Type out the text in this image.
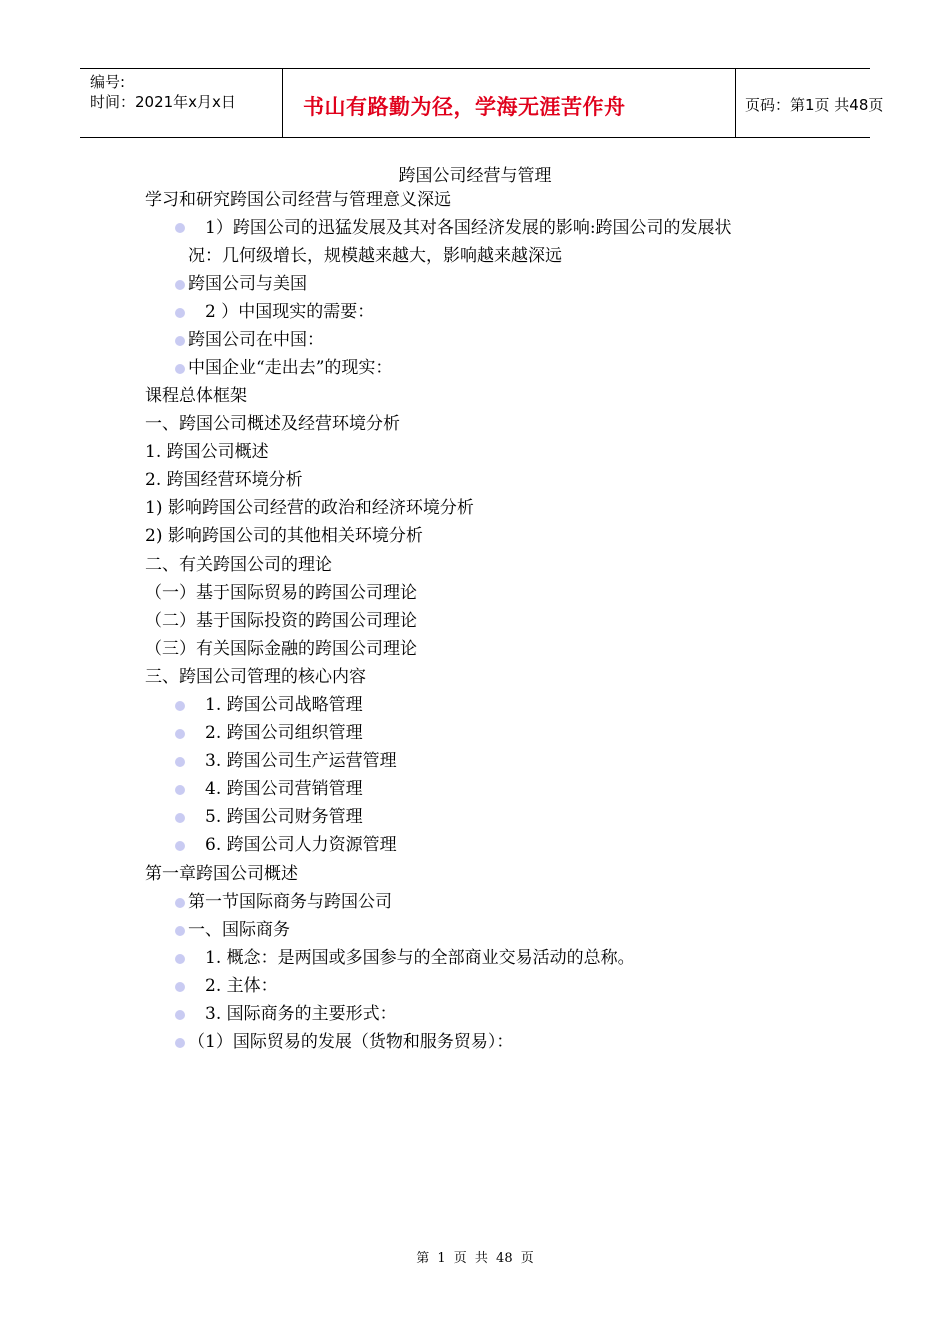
编号:
时间：2021年x月x日	书山有路勤为径，学海无涯苦作舟	页码：第1页 共48页
跨国公司经营与管理
学习和研究跨国公司经营与管理意义深远
1）跨国公司的迅猛发展及其对各国经济发展的影响:跨国公司的发展状
况：几何级增长，规模越来越大，影响越来越深远
跨国公司与美国
2 ）中国现实的需要：
跨国公司在中国：
中国企业“走出去”的现实：
课程总体框架
一、跨国公司概述及经营环境分析
1. 跨国公司概述
2. 跨国经营环境分析
1) 影响跨国公司经营的政治和经济环境分析
2) 影响跨国公司的其他相关环境分析
二、有关跨国公司的理论
（一）基于国际贸易的跨国公司理论
（二）基于国际投资的跨国公司理论
（三）有关国际金融的跨国公司理论
三、跨国公司管理的核心内容
1. 跨国公司战略管理
2. 跨国公司组织管理
3. 跨国公司生产运营管理
4. 跨国公司营销管理
5. 跨国公司财务管理
6. 跨国公司人力资源管理
第一章跨国公司概述
第一节国际商务与跨国公司
一、国际商务
1. 概念：是两国或多国参与的全部商业交易活动的总称。
2. 主体：
3. 国际商务的主要形式：
（1）国际贸易的发展（货物和服务贸易）：
第 1 页 共 48 页
